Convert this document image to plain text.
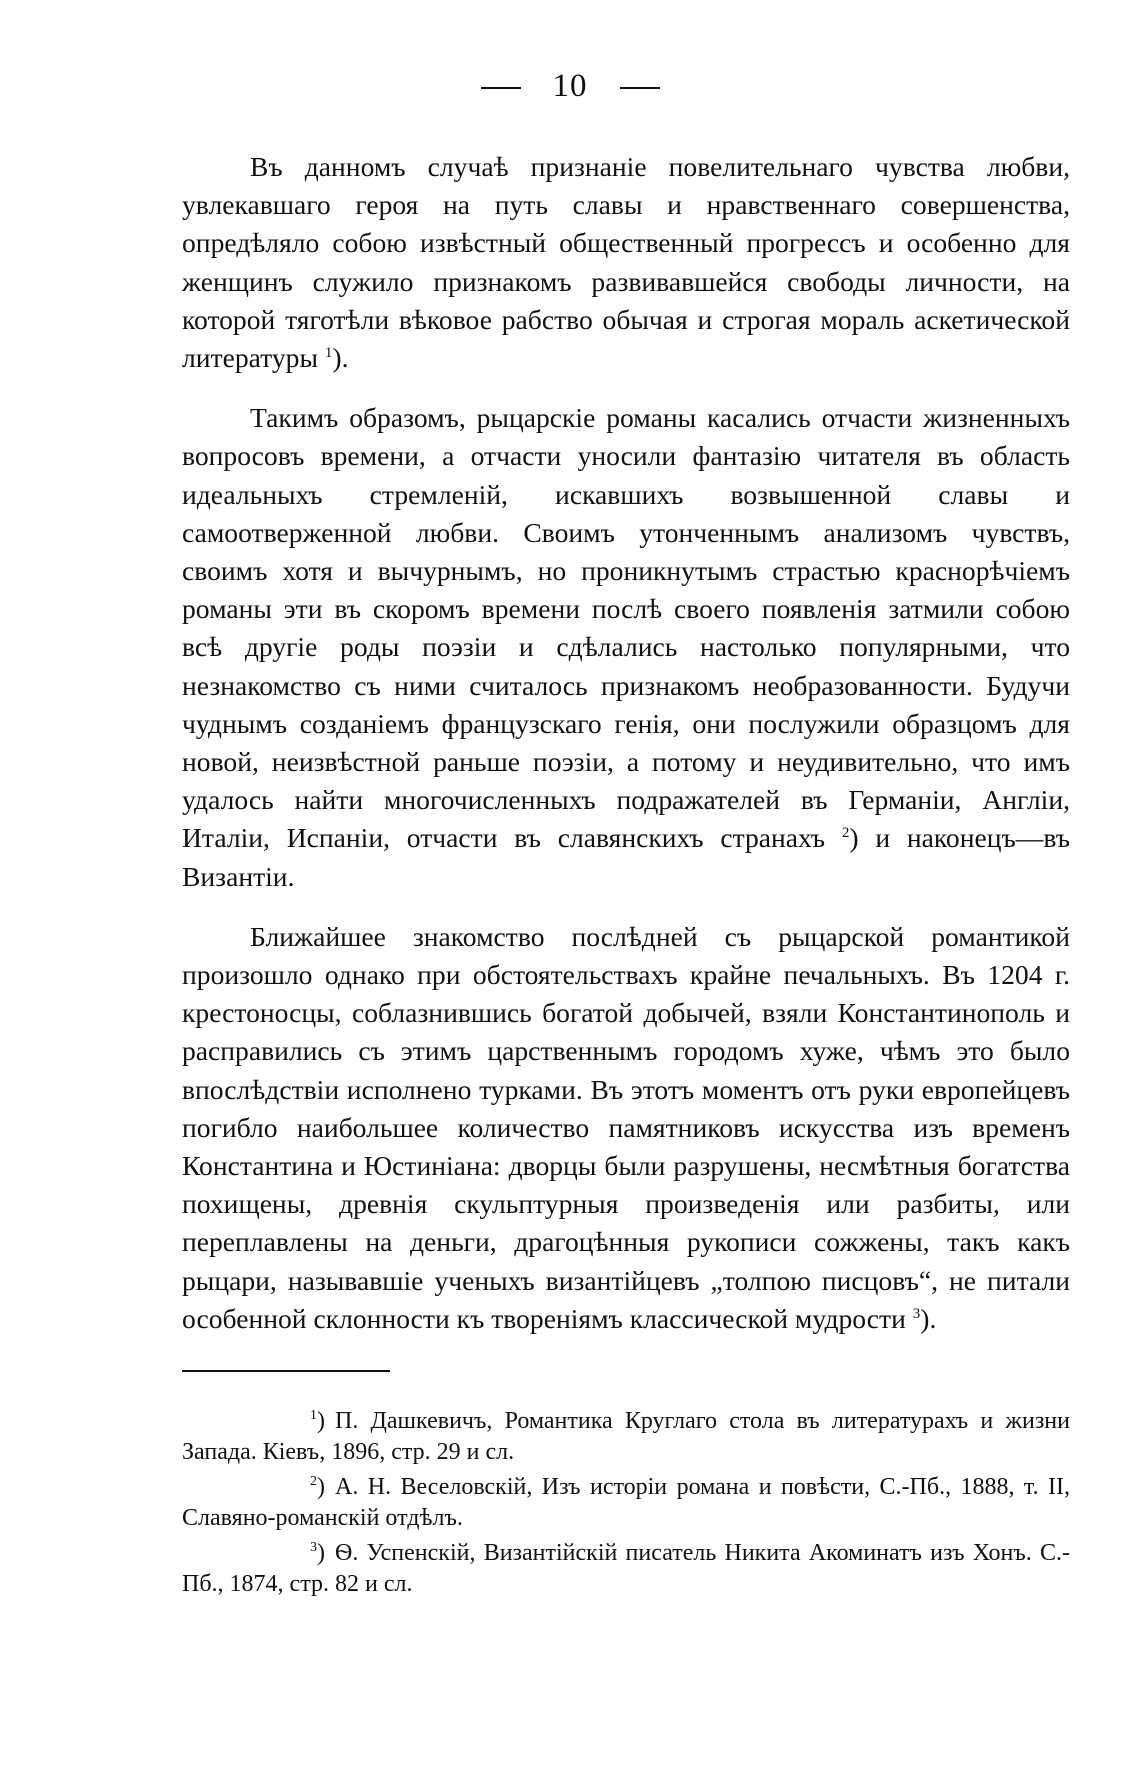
10

Въ данномъ случаѣ признаніе повелительнаго чувства любви, увлекавшаго героя на путь славы и нравственнаго совершенства, опредѣляло собою извѣстный общественный прогрессъ и особенно для женщинъ служило признакомъ развивавшейся свободы личности, на которой тяготѣли вѣковое рабство обычая и строгая мораль аскетической литературы $^1$).

Такимъ образомъ, рыцарскіе романы касались отчасти жизненныхъ вопросовъ времени, а отчасти уносили фантазію читателя въ область идеальныхъ стремленій, искавшихъ возвышенной славы и самоотверженной любви. Своимъ утонченнымъ анализомъ чувствъ, своимъ хотя и вычурнымъ, но проникнутымъ страстью краснорѣчіемъ романы эти въ скоромъ времени послѣ своего появленія затмили собою всѣ другіе роды поэзіи и сдѣлались настолько популярными, что незнакомство съ ними считалось признакомъ необразованности. Будучи чуднымъ созданіемъ французскаго генія, они послужили образцомъ для новой, неизвѣстной раньше поэзіи, а потому и неудивительно, что имъ удалось найти многочисленныхъ подражателей въ Германіи, Англіи, Италіи, Испаніи, отчасти въ славянскихъ странахъ $^2$) и наконецъ—въ Византіи.

Ближайшее знакомство послѣдней съ рыцарской романтикой произошло однако при обстоятельствахъ крайне печальныхъ. Въ 1204 г. крестоносцы, соблазнившись богатой добычей, взяли Константинополь и расправились съ этимъ царственнымъ городомъ хуже, чѣмъ это было впослѣдствіи исполнено турками. Въ этотъ моментъ отъ руки европейцевъ погибло наибольшее количество памятниковъ искусства изъ временъ Константина и Юстиніана: дворцы были разрушены, несмѣтныя богатства похищены, древнія скульптурныя произведенія или разбиты, или переплавлены на деньги, драгоцѣнныя рукописи сожжены, такъ какъ рыцари, называвшіе ученыхъ византійцевъ „толпою писцовъ“, не питали особенной склонности къ твореніямъ классической мудрости $^3$).

$^1$) П. Дашкевичъ, Романтика Круглаго стола въ литературахъ и жизни Запада. Кіевъ, 1896, стр. 29 и сл.

$^2$) А. Н. Веселовскій, Изъ исторіи романа и повѣсти, С.-Пб., 1888, т. II, Славяно-романскій отдѣлъ.

$^3$) Ѳ. Успенскій, Византійскій писатель Никита Акоминатъ изъ Хонъ. С.-Пб., 1874, стр. 82 и сл.
